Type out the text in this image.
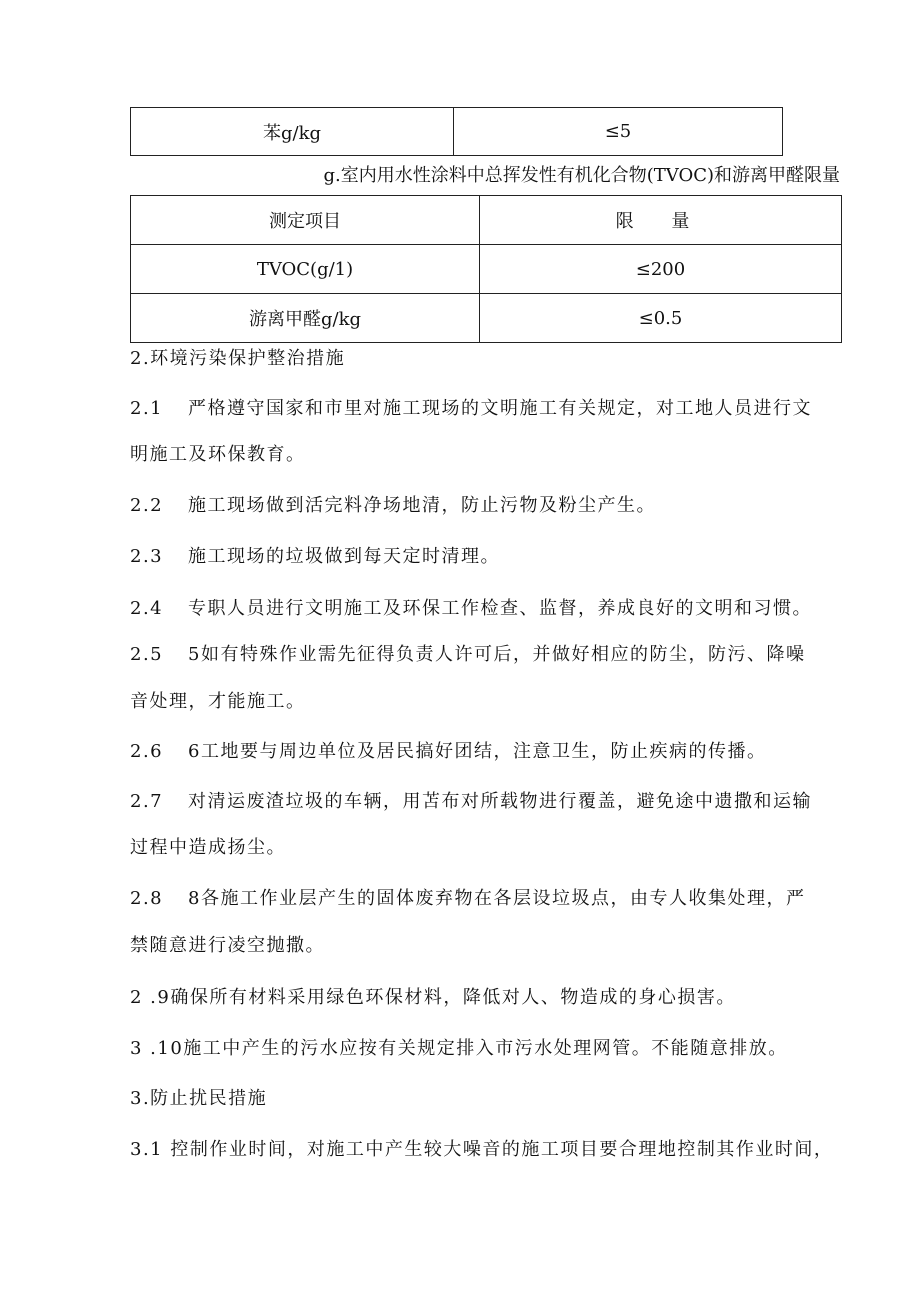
苯g/kg	≤5
g.室内用水性涂料中总挥发性有机化合物(TVOC)和游离甲醛限量
测定项目	限 量
TVOC(g/1)	≤200
游离甲醛g/kg	≤0.5
2.环境污染保护整治措施
2.1 严格遵守国家和市里对施工现场的文明施工有关规定，对工地人员进行文
明施工及环保教育。
2.2 施工现场做到活完料净场地清，防止污物及粉尘产生。
2.3 施工现场的垃圾做到每天定时清理。
2.4 专职人员进行文明施工及环保工作检查、监督，养成良好的文明和习惯。
2.5 5如有特殊作业需先征得负责人许可后，并做好相应的防尘，防污、降噪
音处理，才能施工。
2.6 6工地要与周边单位及居民搞好团结，注意卫生，防止疾病的传播。
2.7 对清运废渣垃圾的车辆，用苫布对所载物进行覆盖，避免途中遗撒和运输
过程中造成扬尘。
2.8 8各施工作业层产生的固体废弃物在各层设垃圾点，由专人收集处理，严
禁随意进行凌空抛撒。
2 .9确保所有材料采用绿色环保材料，降低对人、物造成的身心损害。
3 .10施工中产生的污水应按有关规定排入市污水处理网管。不能随意排放。
3.防止扰民措施
3.1 控制作业时间，对施工中产生较大噪音的施工项目要合理地控制其作业时间，
